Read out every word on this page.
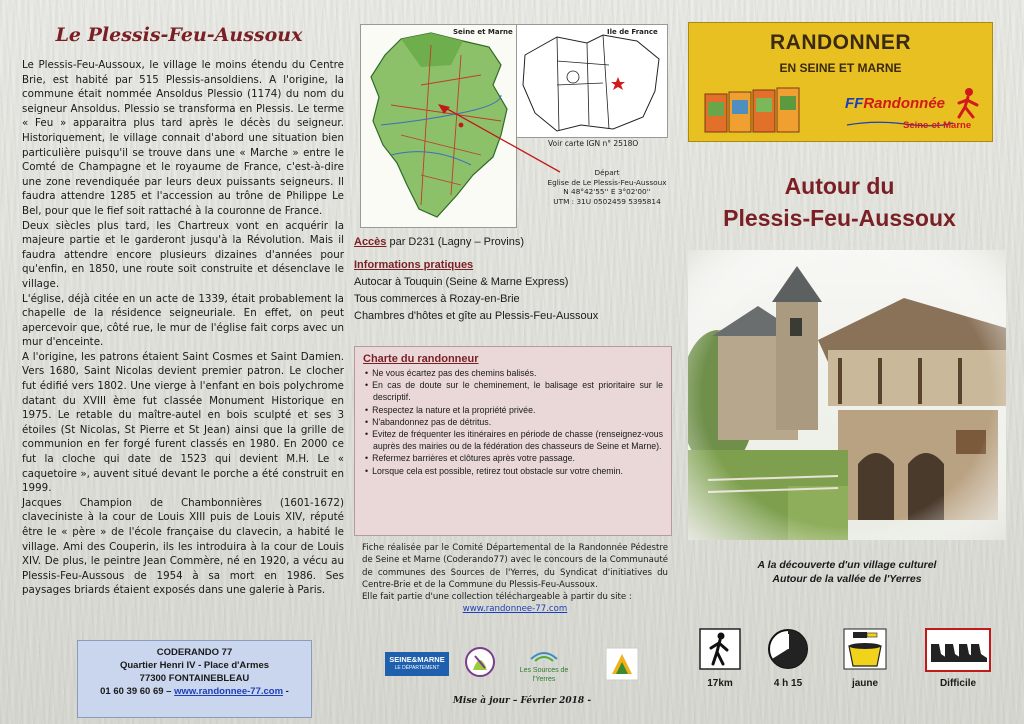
Le Plessis-Feu-Aussoux

Le Plessis-Feu-Aussoux, le village le moins étendu du Centre Brie, est habité par 515 Plessis-ansoldiens. A l'origine, la commune était nommée Ansoldus Plessio (1174) du nom du seigneur Ansoldus. Plessio se transforma en Plessis. Le terme « Feu » apparaitra plus tard après le décès du seigneur. Historiquement, le village connait d'abord une situation bien particulière puisqu'il se trouve dans une « Marche » entre le Comté de Champagne et le royaume de France, c'est-à-dire une zone revendiquée par leurs deux puissants seigneurs. Il faudra attendre 1285 et l'accession au trône de Philippe Le Bel, pour que le fief soit rattaché à la couronne de France.

Deux siècles plus tard, les Chartreux vont en acquérir la majeure partie et le garderont jusqu'à la Révolution. Mais il faudra attendre encore plusieurs dizaines d'années pour qu'enfin, en 1850, une route soit construite et désenclave le village.

L'église, déjà citée en un acte de 1339, était probablement la chapelle de la résidence seigneuriale. En effet, on peut apercevoir que, côté rue, le mur de l'église fait corps avec un mur d'enceinte.

A l'origine, les patrons étaient Saint Cosmes et Saint Damien. Vers 1680, Saint Nicolas devient premier patron. Le clocher fut édifié vers 1802. Une vierge à l'enfant en bois polychrome datant du XVIII ème fut classée Monument Historique en 1975. Le retable du maître-autel en bois sculpté et ses 3 étoiles (St Nicolas, St Pierre et St Jean) ainsi que la grille de communion en fer forgé furent classés en 1980. En 2000 ce fut la cloche qui date de 1523 qui devient M.H. Le « caquetoire », auvent situé devant le porche a été construit en 1999.

Jacques Champion de Chambonnières (1601-1672) claveciniste à la cour de Louis XIII puis de Louis XIV, réputé être le « père » de l'école française du clavecin, a habité le village. Ami des Couperin, ils les introduira à la cour de Louis XIV. De plus, le peintre Jean Commère, né en 1920, a vécu au Plessis-Feu-Aussous de 1954 à sa mort en 1986. Ses paysages briards étaient exposés dans une galerie à Paris.

CODERANDO 77
Quartier Henri IV - Place d'Armes
77300 FONTAINEBLEAU
01 60 39 60 69 – www.randonnee-77.com -
Seine et Marne	Ile de France
Voir carte IGN n° 2518O
Départ
Eglise de Le Plessis-Feu-Aussoux
N 48°42'55'' E 3°02'00''
UTM : 31U 0502459 5395814
Accès par D231 (Lagny – Provins)
Informations pratiques
Autocar à Touquin (Seine & Marne Express)
Tous commerces à Rozay-en-Brie
Chambres d'hôtes et gîte au Plessis-Feu-Aussoux
Charte du randonneur
• Ne vous écartez pas des chemins balisés.
• En cas de doute sur le cheminement, le balisage est prioritaire sur le descriptif.
• Respectez la nature et la propriété privée.
• N'abandonnez pas de détritus.
• Evitez de fréquenter les itinéraires en période de chasse (renseignez-vous auprès des mairies ou de la fédération des chasseurs de Seine et Marne).
• Refermez barrières et clôtures après votre passage.
• Lorsque cela est possible, retirez tout obstacle sur votre chemin.
Fiche réalisée par le Comité Départemental de la Randonnée Pédestre de Seine et Marne (Coderando77) avec le concours de la Communauté de communes des Sources de l'Yerres, du Syndicat d'initiatives du Centre-Brie et de la Commune du Plessis-Feu-Aussoux.
Elle fait partie d'une collection téléchargeable à partir du site :
www.randonnee-77.com
SEINE&MARNE
LE DÉPARTEMENT	Les Sources de l'Yerres
Mise à jour – Février 2018 -
RANDONNER
EN SEINE ET MARNE
FFRandonnée
Seine-et-Marne
Autour du
Plessis-Feu-Aussoux
A la découverte d'un village culturel
Autour de la vallée de l'Yerres
17km	4 h 15	jaune	Difficile
